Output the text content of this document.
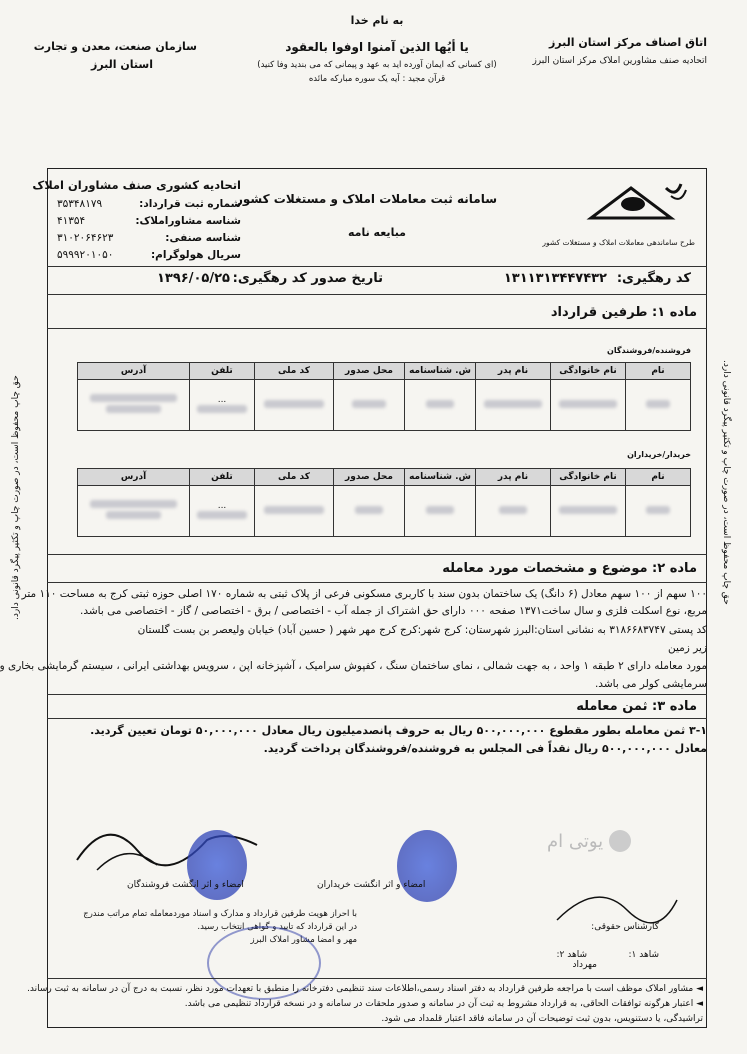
به نام خدا
اتاق اصناف مرکز استان البرز
اتحادیه صنف مشاورین املاک مرکز استان البرز
سازمان صنعت، معدن و تجارت
استان البرز
یا أیُها الذین آمنوا اوفوا بالعقود
(ای کسانی که ایمان آورده اید به عهد و پیمانی که می بندید وفا کنید)
قرآن مجید : آیه یک سوره مبارکه مائده
حق چاپ محفوظ است، در صورت چاپ و تکثیر پیگرد قانونی دارد.	حق چاپ محفوظ است، در صورت چاپ و تکثیر پیگرد قانونی دارد.
طرح ساماندهی معاملات املاک و مستغلات کشور
سامانه ثبت معاملات املاک و مستغلات کشور
مبایعه نامه
اتحادیه کشوری صنف مشاوران املاک
شماره ثبت قرارداد:
۳۵۳۴۸۱۷۹
شناسه مشاوراملاک:
۴۱۳۵۴
شناسه صنفی:
۳۱۰۲۰۶۴۶۲۳
سریال هولوگرام:
۵۹۹۹۲۰۱۰۵۰
کد رهگیری:
۱۳۱۱۳۱۳۴۴۷۴۳۲
تاریخ صدور کد رهگیری:
۱۳۹۶/۰۵/۲۵
ماده ۱: طرفین قرارداد
فروشنده/فروشندگان
نام	نام خانوادگی	نام پدر	ش. شناسنامه	محل صدور	کد ملی	تلفن	آدرس

						...	

خریدار/خریداران
نام	نام خانوادگی	نام پدر	ش. شناسنامه	محل صدور	کد ملی	تلفن	آدرس

						...	

ماده ۲: موضوع و مشخصات مورد معامله
۱۰۰ سهم از ۱۰۰ سهم معادل (۶ دانگ) یک ساختمان بدون سند با کاربری مسکونی فرعی از پلاک ثبتی به شماره ۱۷۰ اصلی حوزه ثبتی کرج به مساحت ۱۱۰ متر
مربع، نوع اسکلت فلزی و سال ساخت۱۳۷۱ صفحه ۰۰۰ دارای حق اشتراک از جمله آب - اختصاصی / برق - اختصاصی / گاز - اختصاصی می باشد.
کد پستی ۳۱۸۶۶۸۳۷۴۷ به نشانی استان:البرز شهرستان: کرج شهر:کرج کرج مهر شهر ( حسین آباد) خیابان ولیعصر بن بست گلستان
زیر زمین
مورد معامله دارای ۲ طبقه ۱ واحد ، به جهت شمالی ، نمای ساختمان سنگ ، کفپوش سرامیک ، آشپزخانه اپن ، سرویس بهداشتی ایرانی ، سیستم گرمایشی بخاری و
سرمایشی کولر می باشد.
ماده ۳: ثمن معامله
۳-۱ ثمن معامله بطور مقطوع ۵۰۰,۰۰۰,۰۰۰ ریال به حروف پانصدمیلیون ریال معادل ۵۰,۰۰۰,۰۰۰ تومان تعیین گردید.
معادل ۵۰۰,۰۰۰,۰۰۰ ریال نقداً فی المجلس به فروشنده/فروشندگان پرداخت گردید.
یوتی ام
امضاء و اثر انگشت فروشندگان	امضاء و اثر انگشت خریداران
کارشناس حقوقی:
شاهد ۱:
مهرداد
شاهد ۲:
با احراز هویت طرفین قرارداد و مدارک و اسناد موردمعامله تمام مراتب مندرج
در این قرارداد که تایید و گواهی انتخاب رسید.
مهر و امضا مشاور املاک البرز
◄ مشاور املاک موظف است با مراجعه طرفین قرارداد به دفتر اسناد رسمی،اطلاعات سند تنظیمی دفترخانه را منطبق با تعهدات مورد نظر، نسبت به درج آن در سامانه به ثبت رساند.
◄ اعتبار هرگونه توافقات الحاقی، به قرارداد مشروط به ثبت آن در سامانه و صدور ملحقات در سامانه و در نسخه قرارداد تنظیمی می باشد.
تراشیدگی، یا دستنویس، بدون ثبت توضیحات آن در سامانه فاقد اعتبار قلمداد می شود.
